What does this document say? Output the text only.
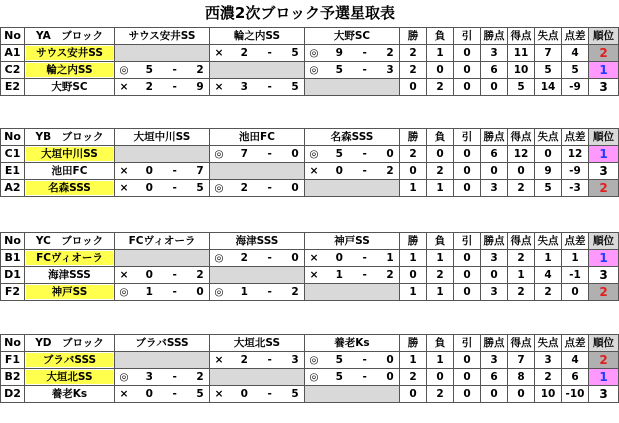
西濃2次ブロック予選星取表
No	YA　ブロック	サウス安井SS	輪之内SS	大野SC	勝	負	引	勝点	得点	失点	点差	順位
A1	サウス安井SS		× 2 - 5	◎ 9 - 2	2	1	0	3	11	7	4	2
C2	輪之内SS	◎ 5 - 2		◎ 5 - 3	2	0	0	6	10	5	5	1
E2	大野SC	× 2 - 9	× 3 - 5		0	2	0	0	5	14	-9	3
No	YB　ブロック	大垣中川SS	池田FC	名森SSS	勝	負	引	勝点	得点	失点	点差	順位
C1	大垣中川SS		◎ 7 - 0	◎ 5 - 0	2	0	0	6	12	0	12	1
E1	池田FC	× 0 - 7		× 0 - 2	0	2	0	0	0	9	-9	3
A2	名森SSS	× 0 - 5	◎ 2 - 0		1	1	0	3	2	5	-3	2
No	YC　ブロック	FCヴィオーラ	海津SSS	神戸SS	勝	負	引	勝点	得点	失点	点差	順位
B1	FCヴィオーラ		◎ 2 - 0	× 0 - 1	1	1	0	3	2	1	1	1
D1	海津SSS	× 0 - 2		× 1 - 2	0	2	0	0	1	4	-1	3
F2	神戸SS	◎ 1 - 0	◎ 1 - 2		1	1	0	3	2	2	0	2
No	YD　ブロック	ブラバSSS	大垣北SS	養老Ks	勝	負	引	勝点	得点	失点	点差	順位
F1	ブラバSSS		× 2 - 3	◎ 5 - 0	1	1	0	3	7	3	4	2
B2	大垣北SS	◎ 3 - 2		◎ 5 - 0	2	0	0	6	8	2	6	1
D2	養老Ks	× 0 - 5	× 0 - 5		0	2	0	0	0	10	-10	3
